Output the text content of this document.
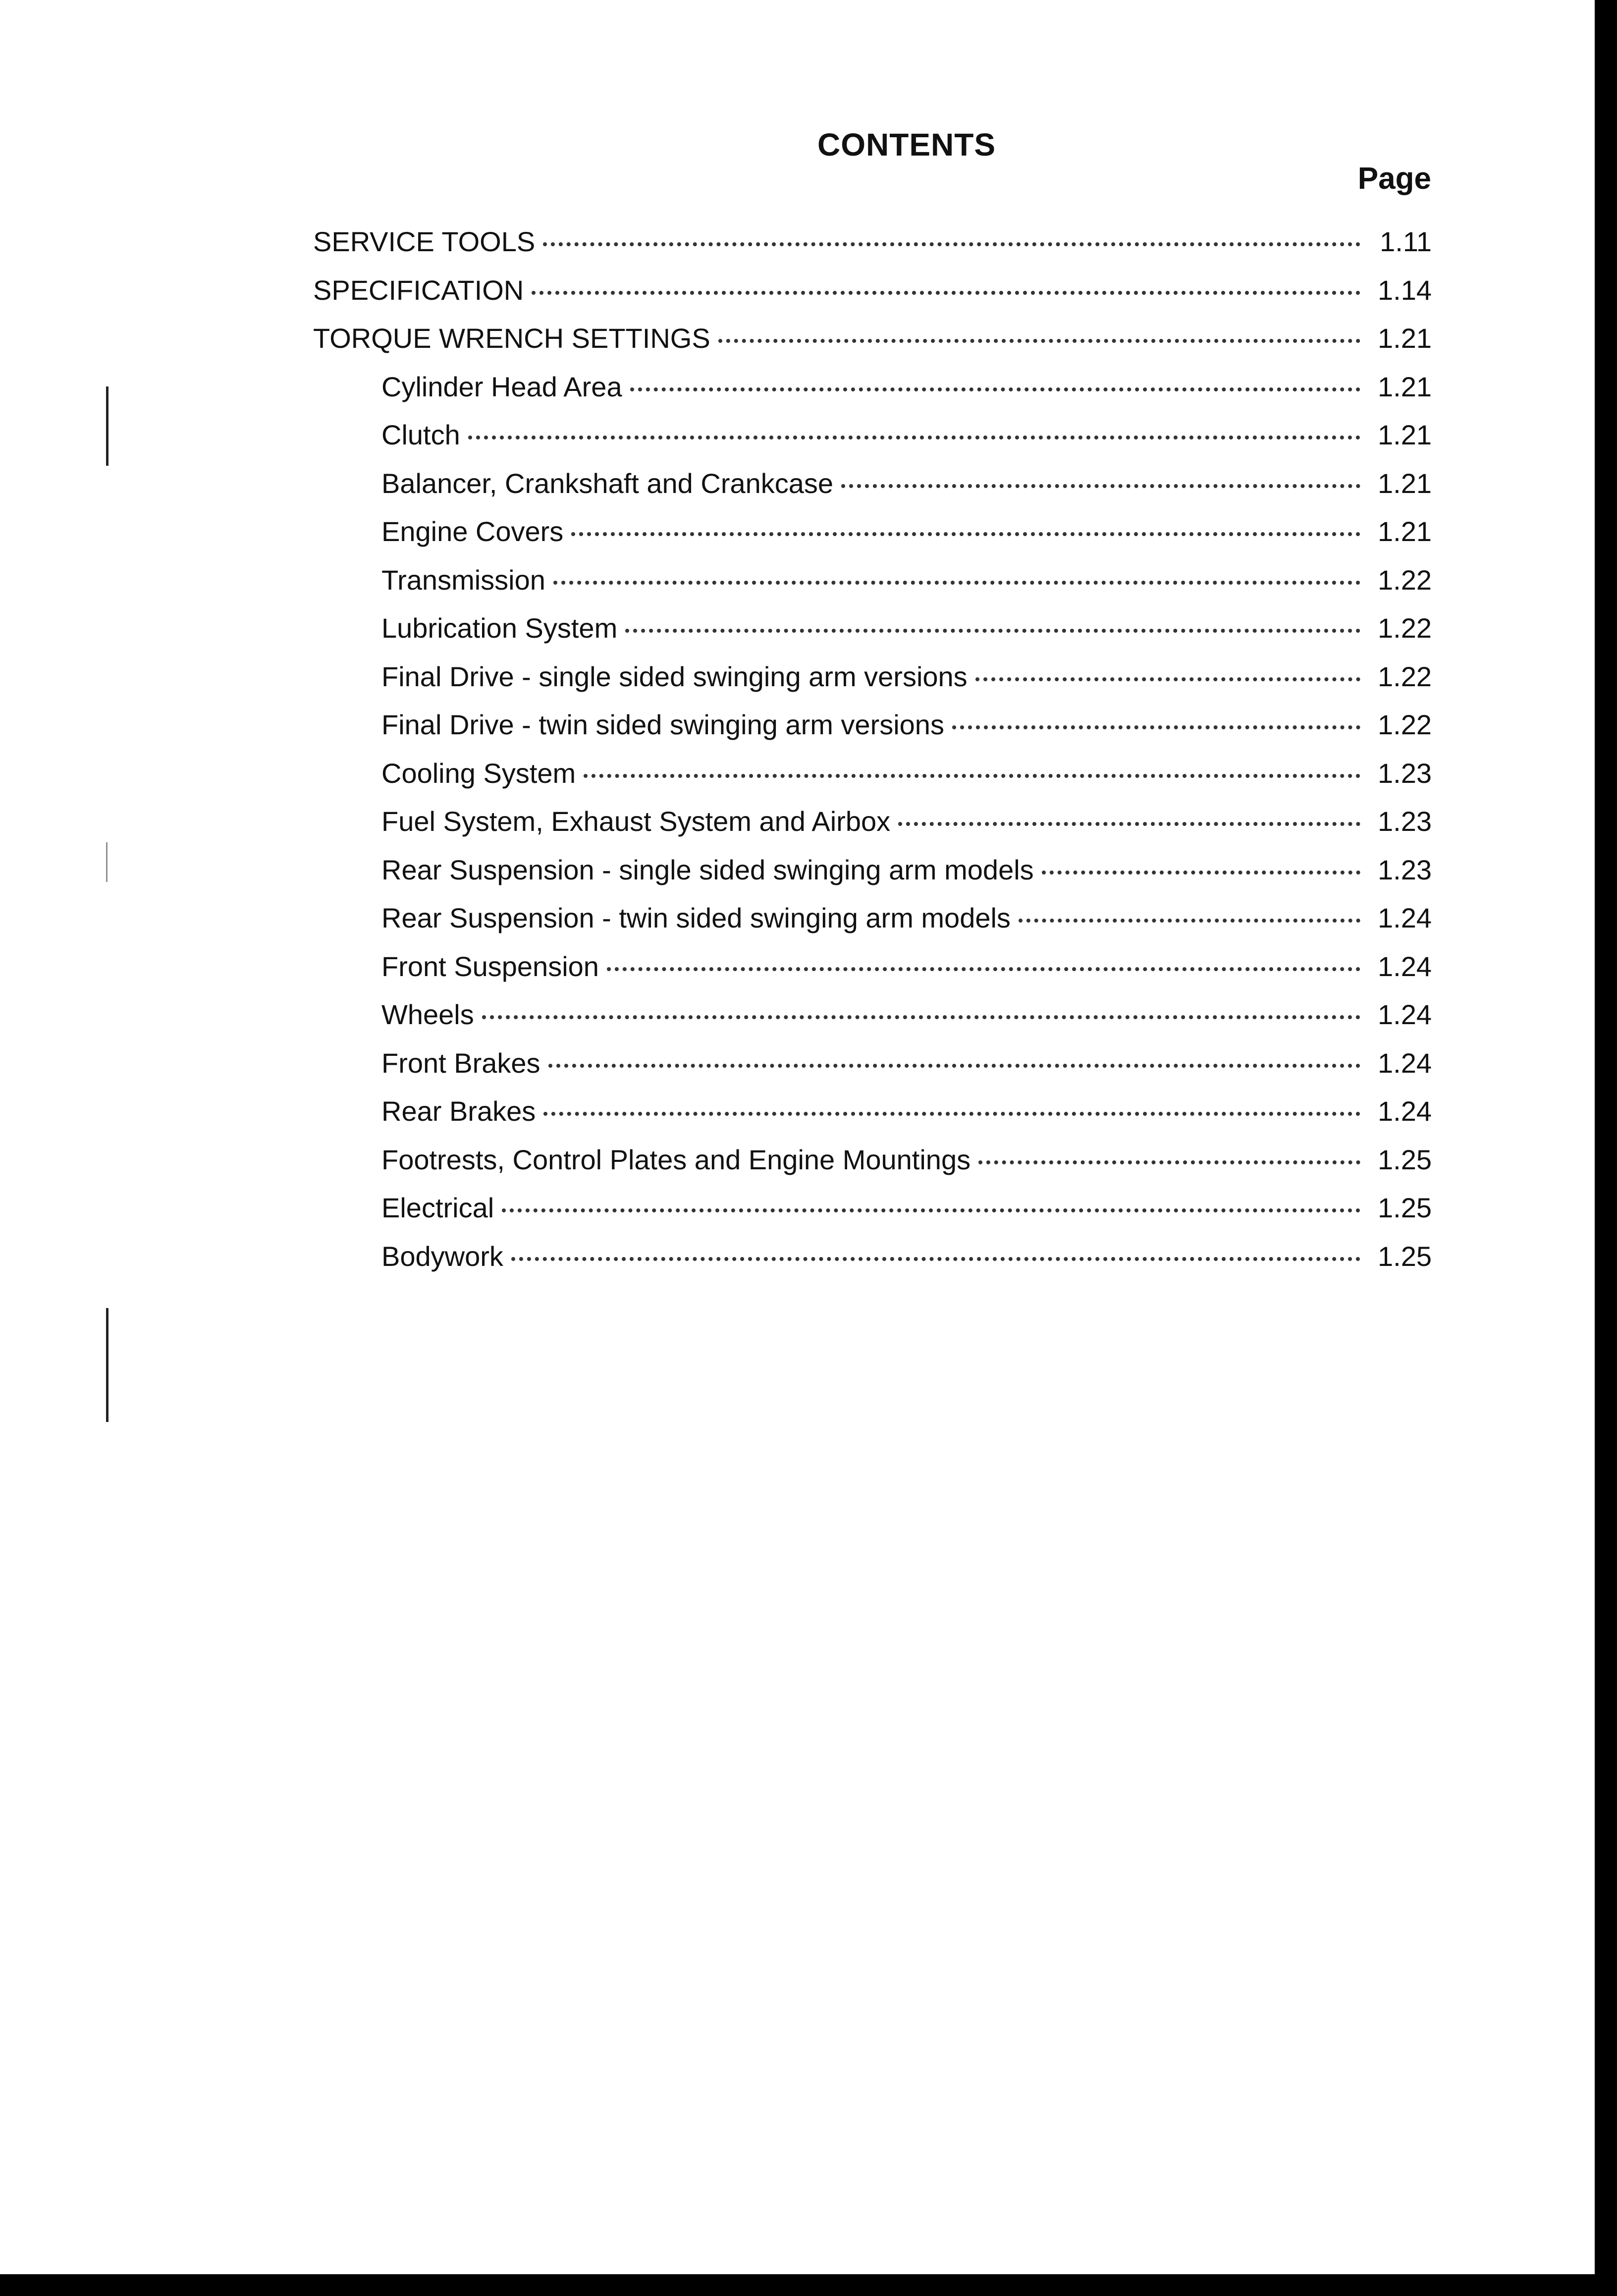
CONTENTS
Page
SERVICE TOOLS	1.11
SPECIFICATION	1.14
TORQUE WRENCH SETTINGS	1.21
Cylinder Head Area	1.21
Clutch	1.21
Balancer, Crankshaft and Crankcase	1.21
Engine Covers	1.21
Transmission	1.22
Lubrication System	1.22
Final Drive - single sided swinging arm versions	1.22
Final Drive - twin sided swinging arm versions	1.22
Cooling System	1.23
Fuel System, Exhaust System and Airbox	1.23
Rear Suspension - single sided swinging arm models	1.23
Rear Suspension - twin sided swinging arm models	1.24
Front Suspension	1.24
Wheels	1.24
Front Brakes	1.24
Rear Brakes	1.24
Footrests, Control Plates and Engine Mountings	1.25
Electrical	1.25
Bodywork	1.25
